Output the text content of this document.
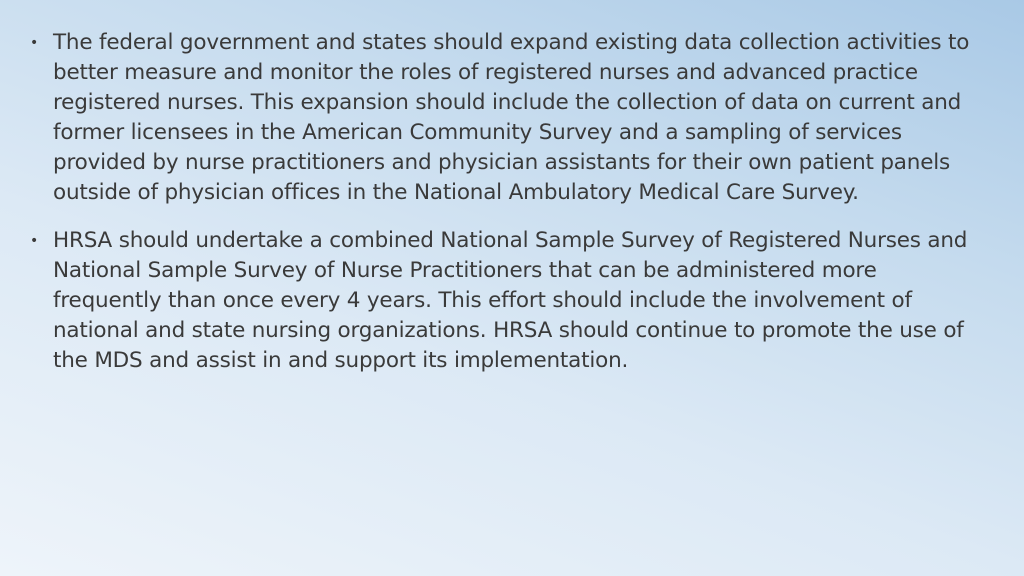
• The federal government and states should expand existing data collection activities to better measure and monitor the roles of registered nurses and advanced practice registered nurses. This expansion should include the collection of data on current and former licensees in the American Community Survey and a sampling of services provided by nurse practitioners and physician assistants for their own patient panels outside of physician offices in the National Ambulatory Medical Care Survey.
• HRSA should undertake a combined National Sample Survey of Registered Nurses and National Sample Survey of Nurse Practitioners that can be administered more frequently than once every 4 years. This effort should include the involvement of national and state nursing organizations. HRSA should continue to promote the use of the MDS and assist in and support its implementation.
